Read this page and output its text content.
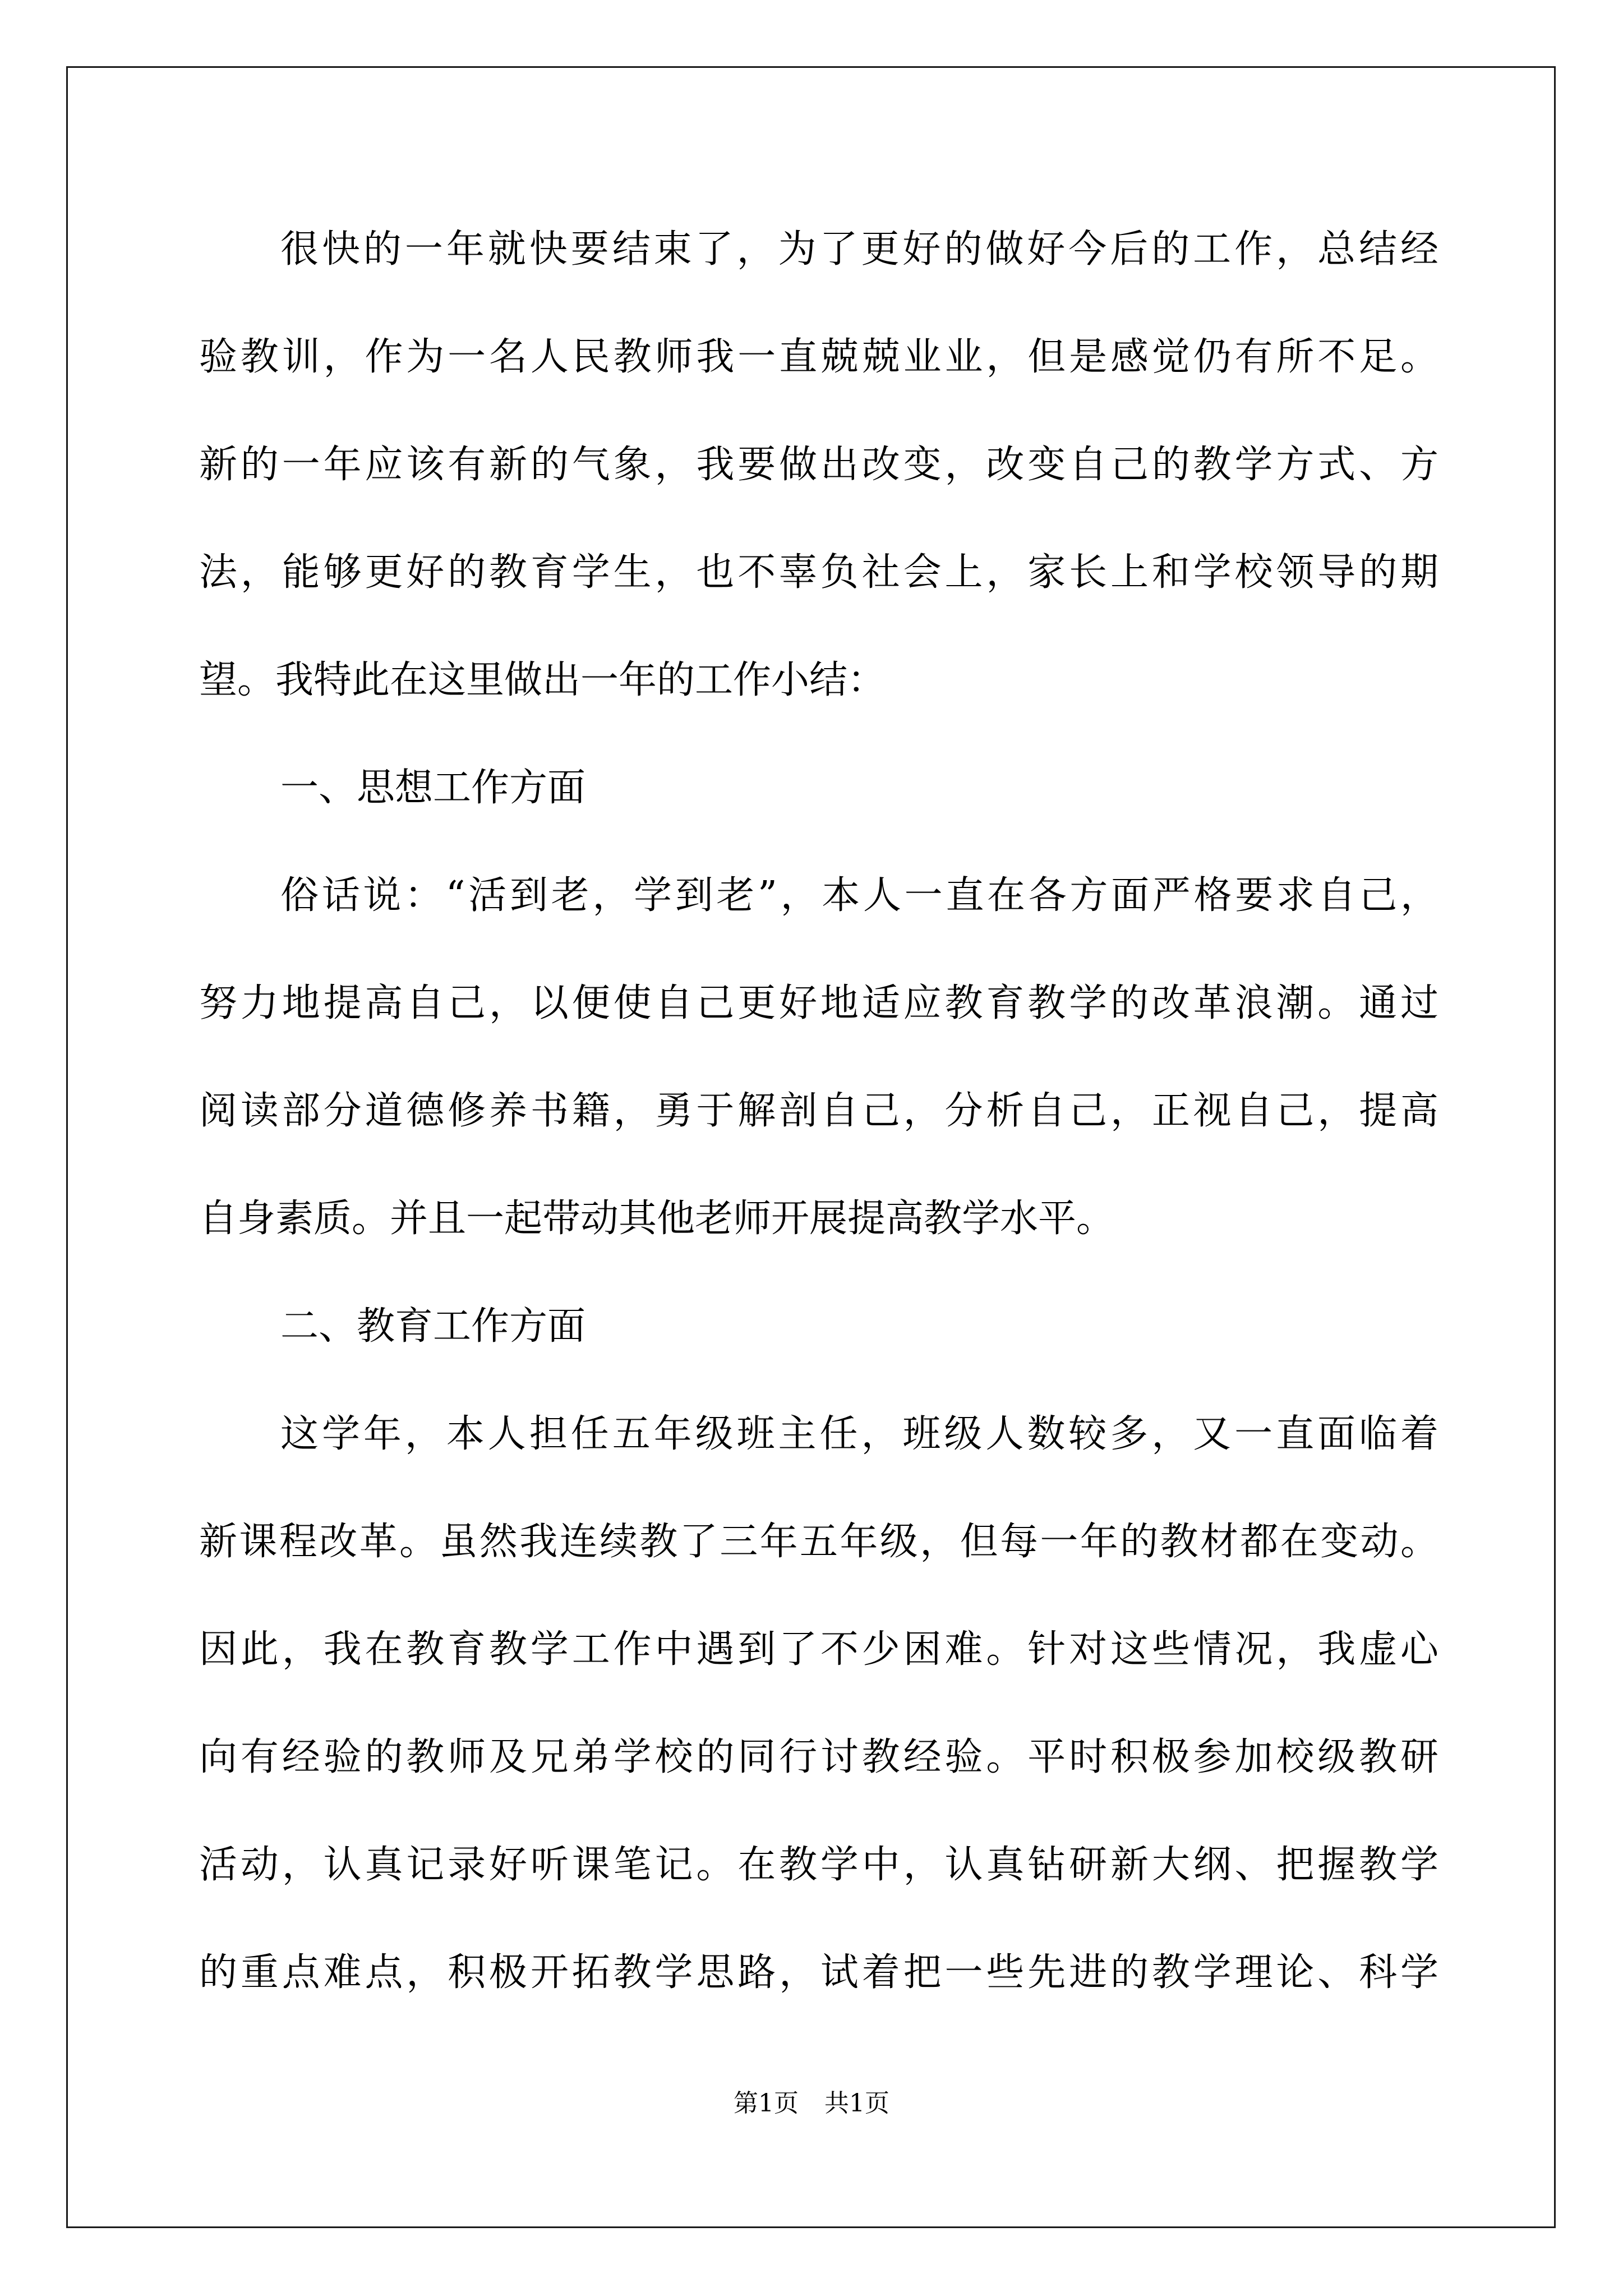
很快的一年就快要结束了，为了更好的做好今后的工作，总结经
验教训，作为一名人民教师我一直兢兢业业，但是感觉仍有所不足。
新的一年应该有新的气象，我要做出改变，改变自己的教学方式、方
法，能够更好的教育学生，也不辜负社会上，家长上和学校领导的期
望。我特此在这里做出一年的工作小结：
一、思想工作方面
俗话说：“活到老，学到老”，本人一直在各方面严格要求自己，
努力地提高自己，以便使自己更好地适应教育教学的改革浪潮。通过
阅读部分道德修养书籍，勇于解剖自己，分析自己，正视自己，提高
自身素质。并且一起带动其他老师开展提高教学水平。
二、教育工作方面
这学年，本人担任五年级班主任，班级人数较多，又一直面临着
新课程改革。虽然我连续教了三年五年级，但每一年的教材都在变动。
因此，我在教育教学工作中遇到了不少困难。针对这些情况，我虚心
向有经验的教师及兄弟学校的同行讨教经验。平时积极参加校级教研
活动，认真记录好听课笔记。在教学中，认真钻研新大纲、把握教学
的重点难点，积极开拓教学思路，试着把一些先进的教学理论、科学
第1页 共1页
